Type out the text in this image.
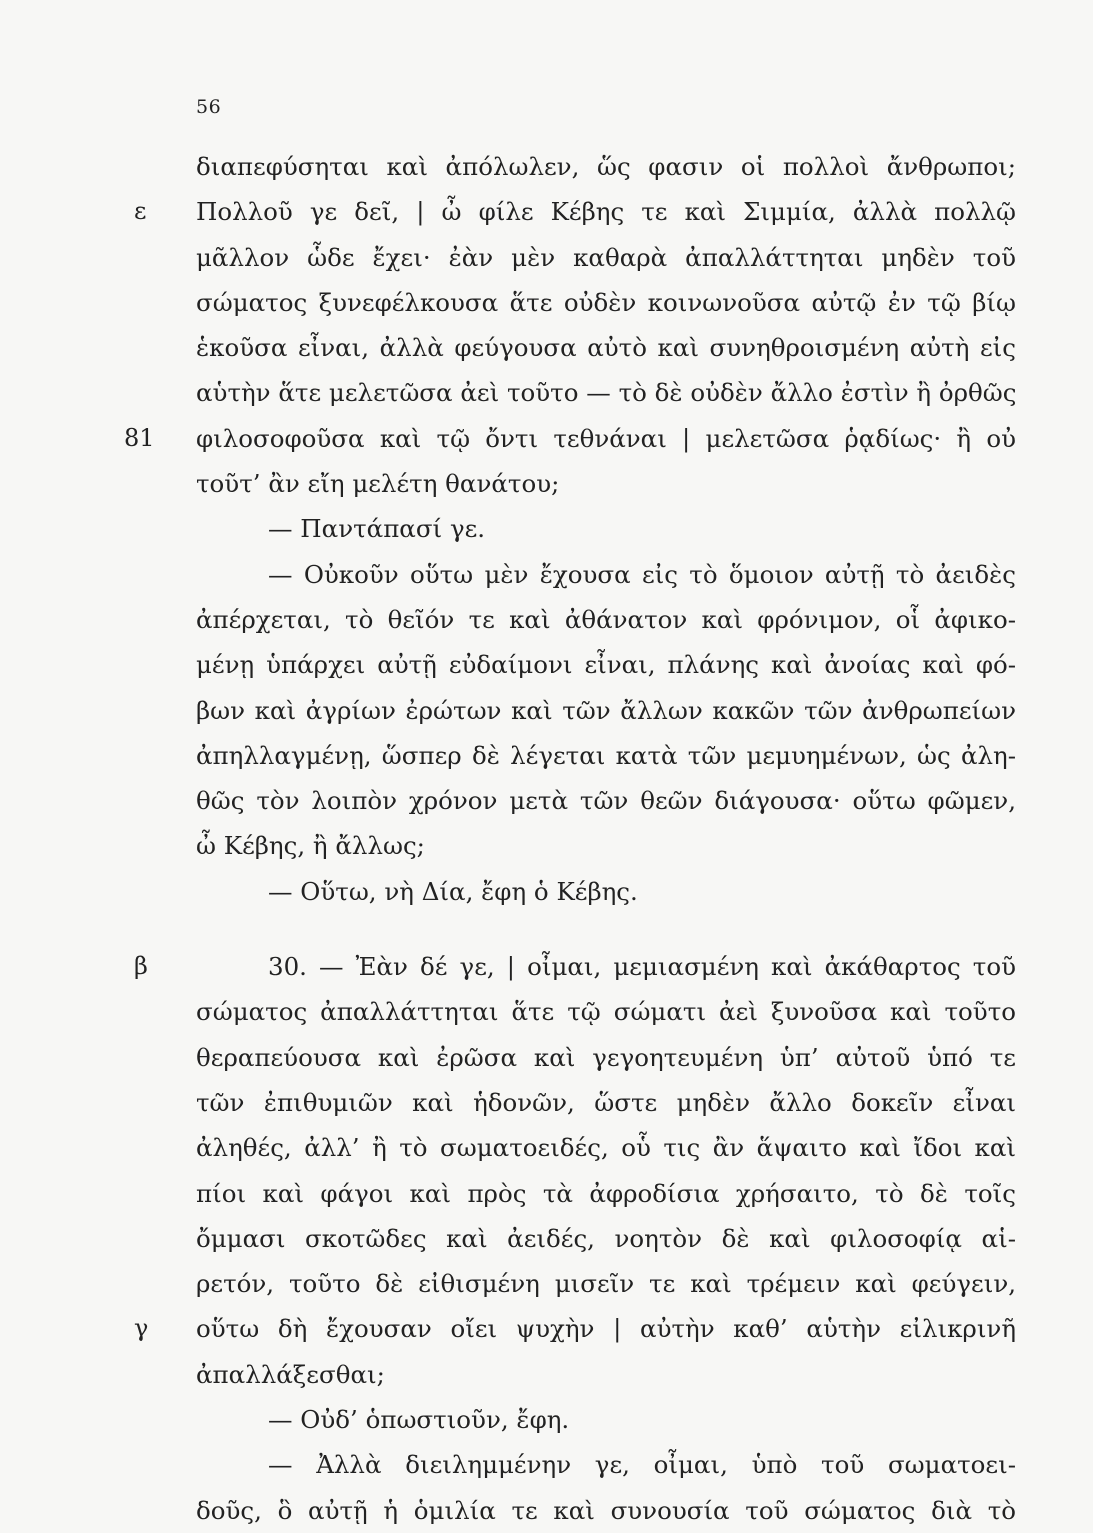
56
διαπεφύσηται καὶ ἀπόλωλεν, ὥς φασιν οἱ πολλοὶ ἄνθρωποι;
ε	Πολλοῦ γε δεῖ, | ὦ φίλε Κέβης τε καὶ Σιμμία, ἀλλὰ πολλῷ
μᾶλλον ὧδε ἔχει· ἐὰν μὲν καθαρὰ ἀπαλλάττηται μηδὲν τοῦ
σώματος ξυνεφέλκουσα ἅτε οὐδὲν κοινωνοῦσα αὐτῷ ἐν τῷ βίῳ
ἑκοῦσα εἶναι, ἀλλὰ φεύγουσα αὐτὸ καὶ συνηθροισμένη αὐτὴ εἰς
αὑτὴν ἅτε μελετῶσα ἀεὶ τοῦτο — τὸ δὲ οὐδὲν ἄλλο ἐστὶν ἢ ὀρθῶς
81	φιλοσοφοῦσα καὶ τῷ ὄντι τεθνάναι | μελετῶσα ῥᾳδίως· ἢ οὐ
τοῦτ’ ἂν εἴη μελέτη θανάτου;
— Παντάπασί γε.
— Οὐκοῦν οὕτω μὲν ἔχουσα εἰς τὸ ὅμοιον αὐτῇ τὸ ἀειδὲς
ἀπέρχεται, τὸ θεῖόν τε καὶ ἀθάνατον καὶ φρόνιμον, οἷ ἀφικο-
μένῃ ὑπάρχει αὐτῇ εὐδαίμονι εἶναι, πλάνης καὶ ἀνοίας καὶ φό-
βων καὶ ἀγρίων ἐρώτων καὶ τῶν ἄλλων κακῶν τῶν ἀνθρωπείων
ἀπηλλαγμένῃ, ὥσπερ δὲ λέγεται κατὰ τῶν μεμυημένων, ὡς ἀλη-
θῶς τὸν λοιπὸν χρόνον μετὰ τῶν θεῶν διάγουσα· οὕτω φῶμεν,
ὦ Κέβης, ἢ ἄλλως;
— Οὕτω, νὴ Δία, ἔφη ὁ Κέβης.
β	30. — Ἐὰν δέ γε, | οἶμαι, μεμιασμένη καὶ ἀκάθαρτος τοῦ
σώματος ἀπαλλάττηται ἅτε τῷ σώματι ἀεὶ ξυνοῦσα καὶ τοῦτο
θεραπεύουσα καὶ ἐρῶσα καὶ γεγοητευμένη ὑπ’ αὐτοῦ ὑπό τε
τῶν ἐπιθυμιῶν καὶ ἡδονῶν, ὥστε μηδὲν ἄλλο δοκεῖν εἶναι
ἀληθές, ἀλλ’ ἢ τὸ σωματοειδές, οὗ τις ἂν ἅψαιτο καὶ ἴδοι καὶ
πίοι καὶ φάγοι καὶ πρὸς τὰ ἀφροδίσια χρήσαιτο, τὸ δὲ τοῖς
ὄμμασι σκοτῶδες καὶ ἀειδές, νοητὸν δὲ καὶ φιλοσοφίᾳ αἱ-
ρετόν, τοῦτο δὲ εἰθισμένη μισεῖν τε καὶ τρέμειν καὶ φεύγειν,
γ	οὕτω δὴ ἔχουσαν οἴει ψυχὴν | αὐτὴν καθ’ αὑτὴν εἰλικρινῆ
ἀπαλλάξεσθαι;
— Οὐδ’ ὁπωστιοῦν, ἔφη.
— Ἀλλὰ διειλημμένην γε, οἶμαι, ὑπὸ τοῦ σωματοει-
δοῦς, ὃ αὐτῇ ἡ ὁμιλία τε καὶ συνουσία τοῦ σώματος διὰ τὸ
